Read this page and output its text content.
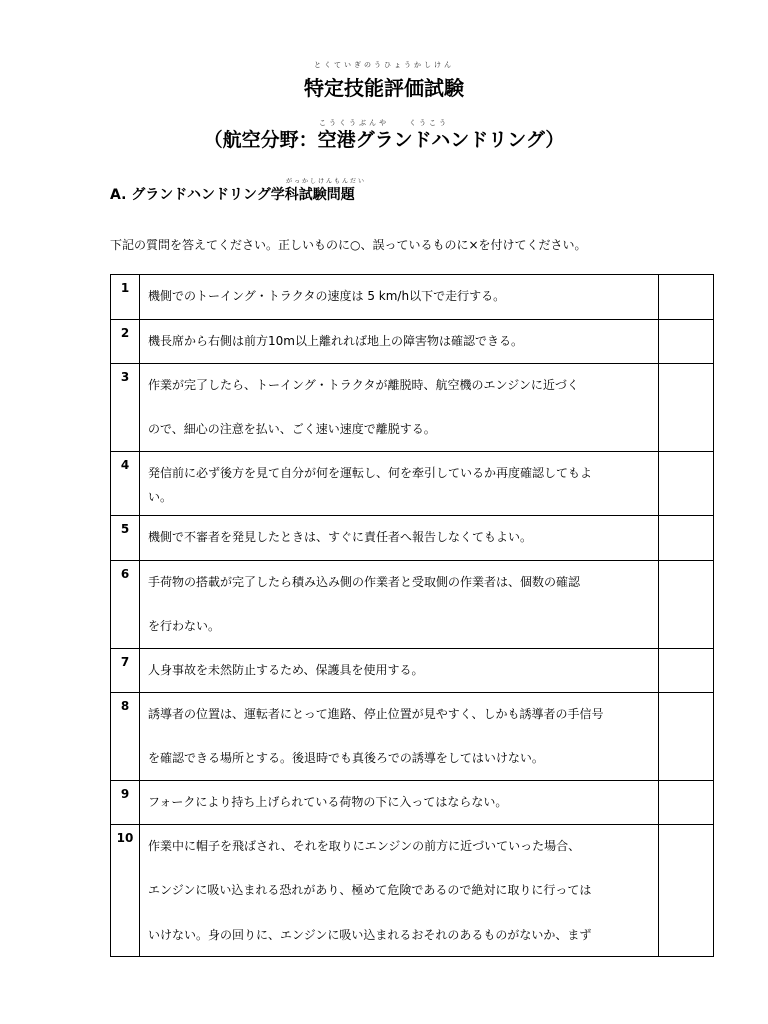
とくていぎのうひょうかしけん
特定技能評価試験
こうくうぶんや　　くうこう
（航空分野：空港グランドハンドリング）
がっかしけんもんだい
A. グランドハンドリング学科試験問題
下記の質問を答えてください。正しいものに○、誤っているものに×を付けてください。
1	機側でのトーイング・トラクタの速度は 5 km/h以下で走行する。	

2	機長席から右側は前方10m以上離れれば地上の障害物は確認できる。	

3	作業が完了したら、トーイング・トラクタが離脱時、航空機のエンジンに近づく
ので、細心の注意を払い、ごく速い速度で離脱する。	

4	発信前に必ず後方を見て自分が何を運転し、何を牽引しているか再度確認してもよ
い。	

5	機側で不審者を発見したときは、すぐに責任者へ報告しなくてもよい。	

6	手荷物の搭載が完了したら積み込み側の作業者と受取側の作業者は、個数の確認
を行わない。	

7	人身事故を未然防止するため、保護具を使用する。	

8	誘導者の位置は、運転者にとって進路、停止位置が見やすく、しかも誘導者の手信号
を確認できる場所とする。後退時でも真後ろでの誘導をしてはいけない。	

9	フォークにより持ち上げられている荷物の下に入ってはならない。	

10	作業中に帽子を飛ばされ、それを取りにエンジンの前方に近づいていった場合、
エンジンに吸い込まれる恐れがあり、極めて危険であるので絶対に取りに行っては
いけない。身の回りに、エンジンに吸い込まれるおそれのあるものがないか、まず	
